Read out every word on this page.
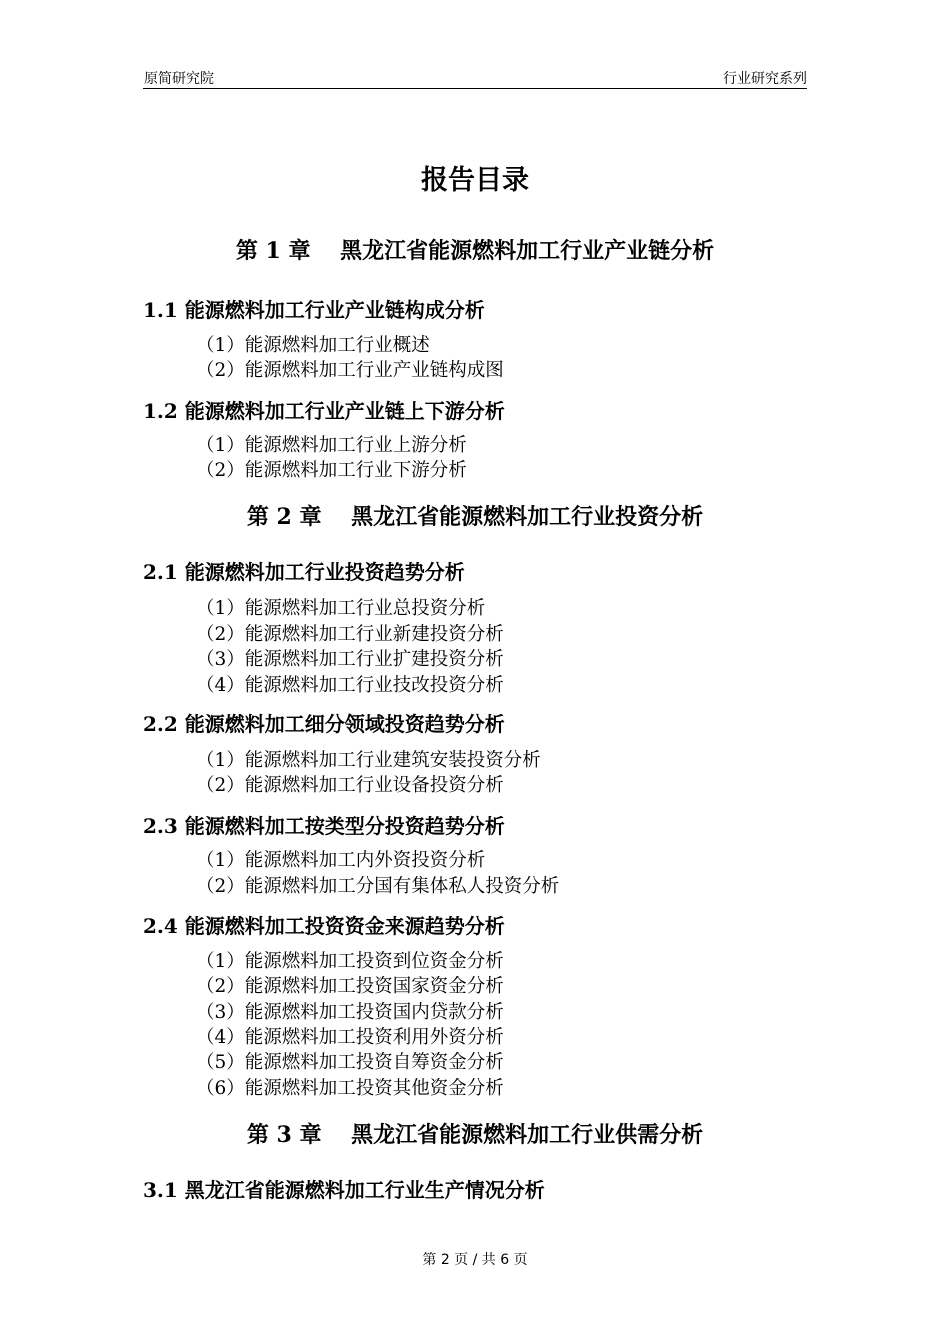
原简研究院	行业研究系列
报告目录
第 1 章　 黑龙江省能源燃料加工行业产业链分析
1.1 能源燃料加工行业产业链构成分析
（1）能源燃料加工行业概述
（2）能源燃料加工行业产业链构成图
1.2 能源燃料加工行业产业链上下游分析
（1）能源燃料加工行业上游分析
（2）能源燃料加工行业下游分析
第 2 章　 黑龙江省能源燃料加工行业投资分析
2.1 能源燃料加工行业投资趋势分析
（1）能源燃料加工行业总投资分析
（2）能源燃料加工行业新建投资分析
（3）能源燃料加工行业扩建投资分析
（4）能源燃料加工行业技改投资分析
2.2 能源燃料加工细分领域投资趋势分析
（1）能源燃料加工行业建筑安装投资分析
（2）能源燃料加工行业设备投资分析
2.3 能源燃料加工按类型分投资趋势分析
（1）能源燃料加工内外资投资分析
（2）能源燃料加工分国有集体私人投资分析
2.4 能源燃料加工投资资金来源趋势分析
（1）能源燃料加工投资到位资金分析
（2）能源燃料加工投资国家资金分析
（3）能源燃料加工投资国内贷款分析
（4）能源燃料加工投资利用外资分析
（5）能源燃料加工投资自筹资金分析
（6）能源燃料加工投资其他资金分析
第 3 章　 黑龙江省能源燃料加工行业供需分析
3.1 黑龙江省能源燃料加工行业生产情况分析
第 2 页 / 共 6 页
